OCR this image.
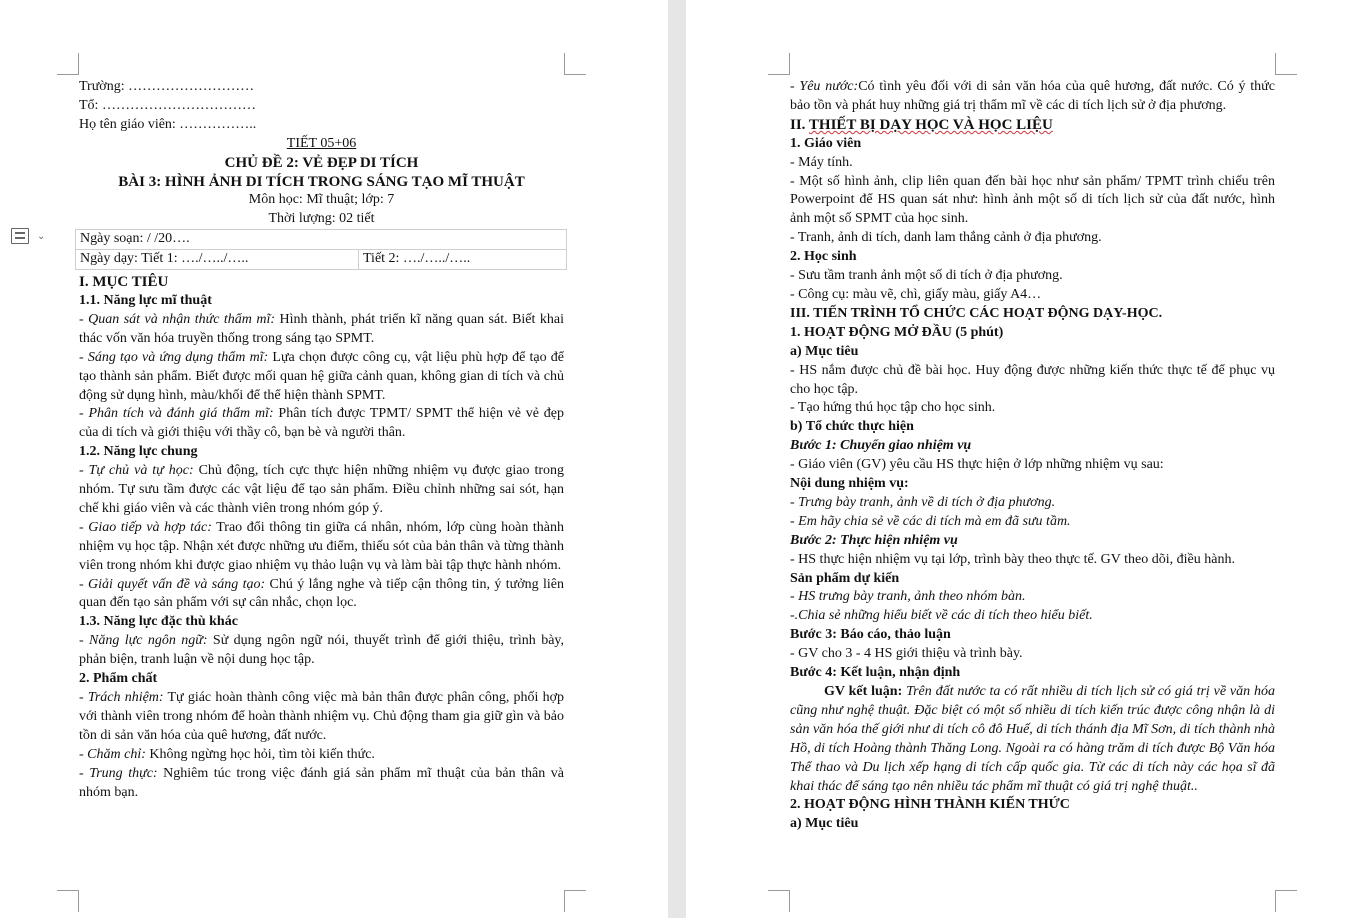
⌄
Trường: ………………………
Tổ: ……………………………
Họ tên giáo viên: ……………..
TIẾT 05+06
CHỦ ĐỀ 2: VẺ ĐẸP DI TÍCH
BÀI 3: HÌNH ẢNH DI TÍCH TRONG SÁNG TẠO MĨ THUẬT
Môn học: Mĩ thuật; lớp: 7
Thời lượng: 02 tiết
Ngày soạn: / /20….
Ngày dạy: Tiết 1: …./…../…..	Tiết 2: …./…../…..
I. MỤC TIÊU
1.1. Năng lực mĩ thuật
- Quan sát và nhận thức thẩm mĩ: Hình thành, phát triển kĩ năng quan sát. Biết khai thác vốn văn hóa truyền thống trong sáng tạo SPMT.
- Sáng tạo và ứng dụng thẩm mĩ: Lựa chọn được công cụ, vật liệu phù hợp để tạo để tạo thành sản phẩm. Biết được mối quan hệ giữa cảnh quan, không gian di tích và chủ động sử dụng hình, màu/khối để thể hiện thành SPMT.
- Phân tích và đánh giá thẩm mĩ: Phân tích được TPMT/ SPMT thể hiện vẻ vẻ đẹp của di tích và giới thiệu với thầy cô, bạn bè và người thân.
1.2. Năng lực chung
- Tự chủ và tự học: Chủ động, tích cực thực hiện những nhiệm vụ được giao trong nhóm. Tự sưu tầm được các vật liệu để tạo sản phẩm. Điều chỉnh những sai sót, hạn chế khi giáo viên và các thành viên trong nhóm góp ý.
- Giao tiếp và hợp tác: Trao đổi thông tin giữa cá nhân, nhóm, lớp cùng hoàn thành nhiệm vụ học tập. Nhận xét được những ưu điểm, thiếu sót của bản thân và từng thành viên trong nhóm khi được giao nhiệm vụ thảo luận vụ và làm bài tập thực hành nhóm.
- Giải quyết vấn đề và sáng tạo: Chú ý lắng nghe và tiếp cận thông tin, ý tưởng liên quan đến tạo sản phẩm với sự cân nhắc, chọn lọc.
1.3. Năng lực đặc thù khác
- Năng lực ngôn ngữ: Sử dụng ngôn ngữ nói, thuyết trình để giới thiệu, trình bày, phản biện, tranh luận về nội dung học tập.
2. Phẩm chất
- Trách nhiệm: Tự giác hoàn thành công việc mà bản thân được phân công, phối hợp với thành viên trong nhóm để hoàn thành nhiệm vụ. Chủ động tham gia giữ gìn và bảo tồn di sản văn hóa của quê hương, đất nước.
- Chăm chỉ: Không ngừng học hỏi, tìm tòi kiến thức.
- Trung thực: Nghiêm túc trong việc đánh giá sản phẩm mĩ thuật của bản thân và nhóm bạn.
- Yêu nước:Có tình yêu đối với di sản văn hóa của quê hương, đất nước. Có ý thức bảo tồn và phát huy những giá trị thẩm mĩ về các di tích lịch sử ở địa phương.
II. THIẾT BỊ DẠY HỌC VÀ HỌC LIỆU
1. Giáo viên
- Máy tính.
- Một số hình ảnh, clip liên quan đến bài học như sản phẩm/ TPMT trình chiếu trên Powerpoint để HS quan sát như: hình ảnh một số di tích lịch sử của đất nước, hình ảnh một số SPMT của học sinh.
- Tranh, ảnh di tích, danh lam thắng cảnh ở địa phương.
2. Học sinh
- Sưu tầm tranh ảnh một số di tích ở địa phương.
- Công cụ: màu vẽ, chì, giấy màu, giấy A4…
III. TIẾN TRÌNH TỔ CHỨC CÁC HOẠT ĐỘNG DẠY-HỌC.
1. HOẠT ĐỘNG MỞ ĐẦU (5 phút)
a) Mục tiêu
- HS nắm được chủ đề bài học. Huy động được những kiến thức thực tế để phục vụ cho học tập.
- Tạo hứng thú học tập cho học sinh.
b) Tổ chức thực hiện
Bước 1: Chuyển giao nhiệm vụ
- Giáo viên (GV) yêu cầu HS thực hiện ở lớp những nhiệm vụ sau:
Nội dung nhiệm vụ:
- Trưng bày tranh, ảnh về di tích ở địa phương.
- Em hãy chia sẻ về các di tích mà em đã sưu tầm.
Bước 2: Thực hiện nhiệm vụ
- HS thực hiện nhiệm vụ tại lớp, trình bày theo thực tế. GV theo dõi, điều hành.
Sản phẩm dự kiến
- HS trưng bày tranh, ảnh theo nhóm bàn.
-.Chia sẻ những hiểu biết về các di tích theo hiểu biết.
Bước 3: Báo cáo, thảo luận
- GV cho 3 - 4 HS giới thiệu và trình bày.
Bước 4: Kết luận, nhận định
GV kết luận: Trên đất nước ta có rất nhiều di tích lịch sử có giá trị về văn hóa cũng như nghệ thuật. Đặc biệt có một số nhiều di tích kiến trúc được công nhận là di sản văn hóa thế giới như di tích cô đô Huế, di tích thánh địa Mĩ Sơn, di tích thành nhà Hồ, di tích Hoàng thành Thăng Long. Ngoài ra có hàng trăm di tích được Bộ Văn hóa Thể thao và Du lịch xếp hạng di tích cấp quốc gia. Từ các di tích này các họa sĩ đã khai thác để sáng tạo nên nhiều tác phẩm mĩ thuật có giá trị nghệ thuật..
2. HOẠT ĐỘNG HÌNH THÀNH KIẾN THỨC
a) Mục tiêu
